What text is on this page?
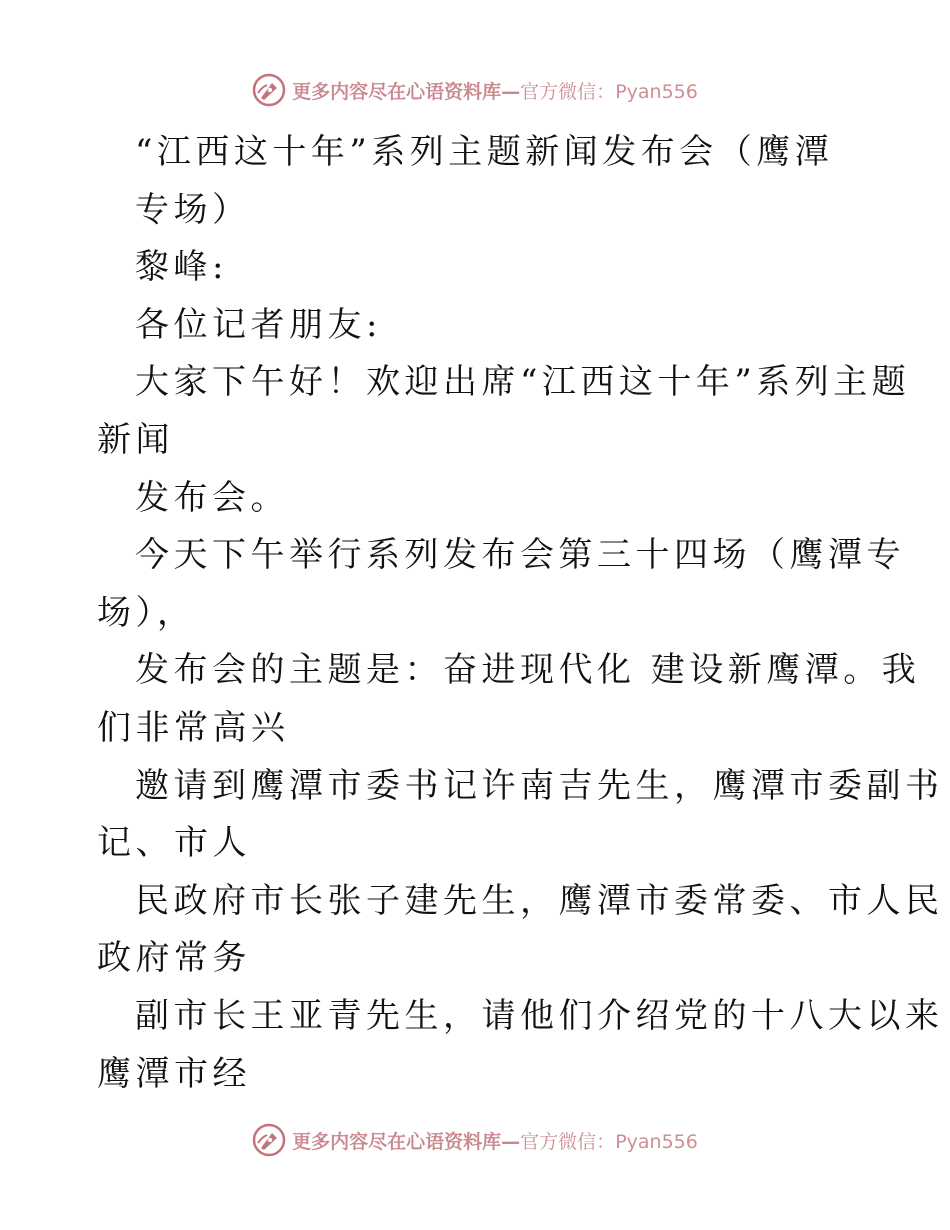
更多内容尽在心语资料库—官方微信：Pyan556
“江西这十年”系列主题新闻发布会（鹰潭
专场）
黎峰:
各位记者朋友:
大家下午好！欢迎出席“江西这十年”系列主题
新闻
发布会。
今天下午举行系列发布会第三十四场（鹰潭专
场），
发布会的主题是：奋进现代化 建设新鹰潭。我
们非常高兴
邀请到鹰潭市委书记许南吉先生，鹰潭市委副书
记、市人
民政府市长张子建先生，鹰潭市委常委、市人民
政府常务
副市长王亚青先生，请他们介绍党的十八大以来
鹰潭市经
更多内容尽在心语资料库—官方微信：Pyan556
